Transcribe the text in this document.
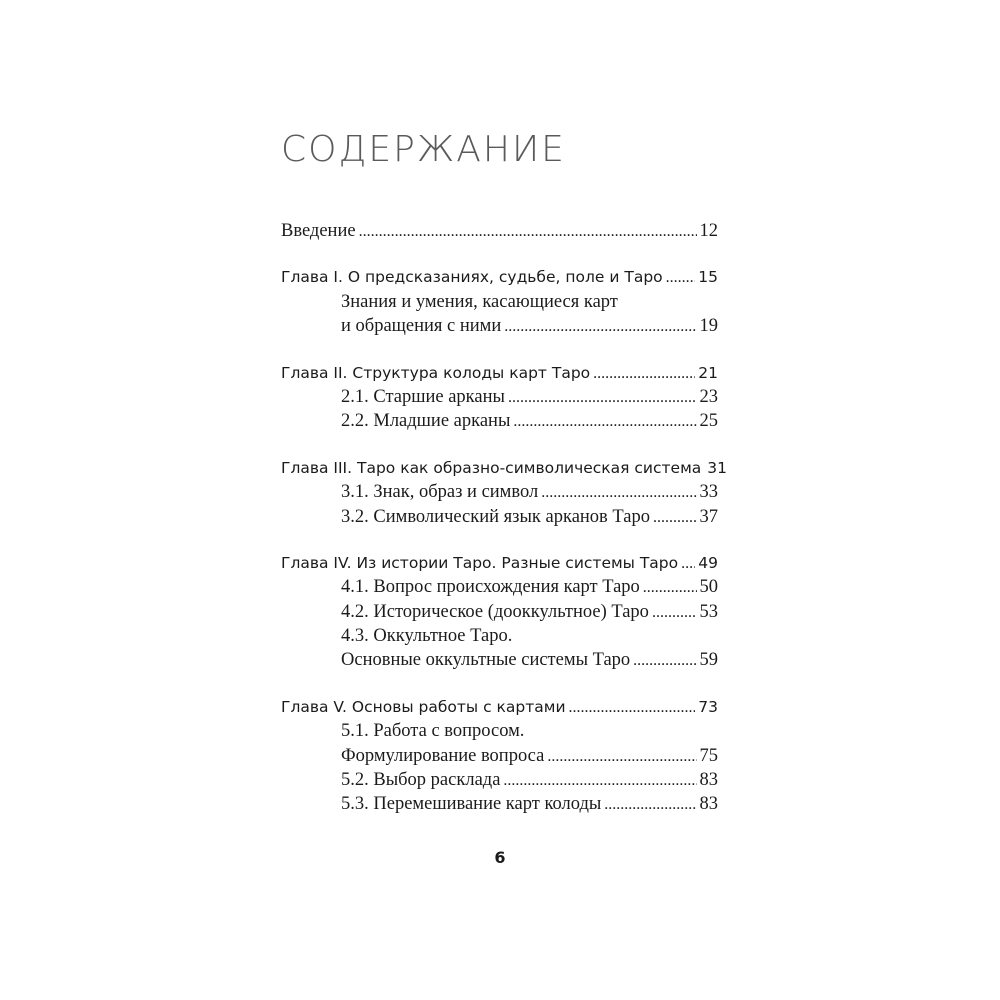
СОДЕРЖАНИЕ
Введение . . .	12
Глава I. О предсказаниях, судьбе, поле и Таро . . . 15
Знания и умения, касающиеся карт
и обращения с ними . . .	19
Глава II. Структура колоды карт Таро . . .	21
2.1. Старшие арканы . . .	23
2.2. Младшие арканы . . .	25
Глава III. Таро как образно-символическая система 31
3.1. Знак, образ и символ . . .	33
3.2. Символический язык арканов Таро . . .	37
Глава IV. Из истории Таро. Разные системы Таро . . . 49
4.1. Вопрос происхождения карт Таро . . .	50
4.2. Историческое (дооккультное) Таро . . .	53
4.3. Оккультное Таро.
Основные оккультные системы Таро . . .	59
Глава V. Основы работы с картами . . .	73
5.1. Работа с вопросом.
Формулирование вопроса . . .	75
5.2. Выбор расклада . . .	83
5.3. Перемешивание карт колоды . . .	83
6
